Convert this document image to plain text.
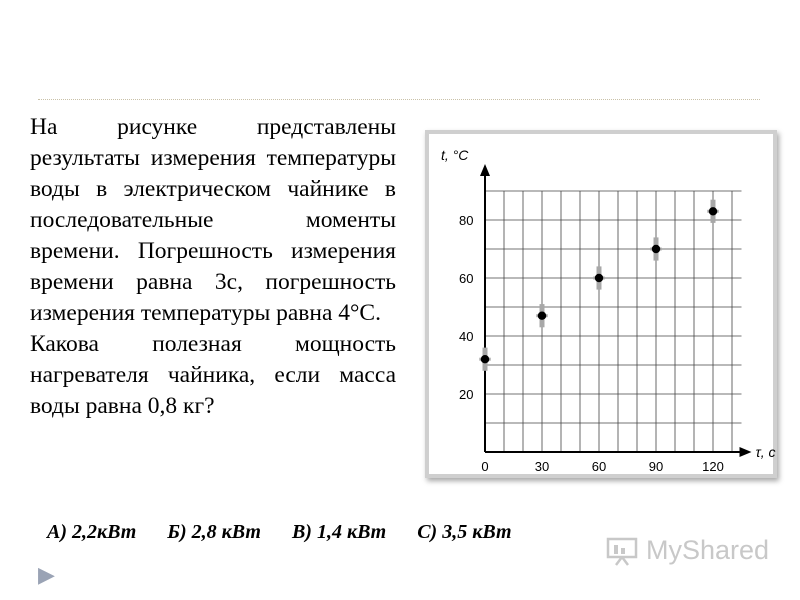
На рисунке представлены результаты измерения температуры воды в электрическом чайнике в последовательные моменты времени. Погрешность измерения времени равна 3с, погрешность измерения температуры равна 4°С.

Какова полезная мощность нагревателя чайника, если масса воды равна 0,8 кг?

t, °C
τ, с
20
40
60
80
0	30	60	90	120
А) 2,2кВт Б) 2,8 кВт В) 1,4 кВт С) 3,5 кВт
▶
MyShared
